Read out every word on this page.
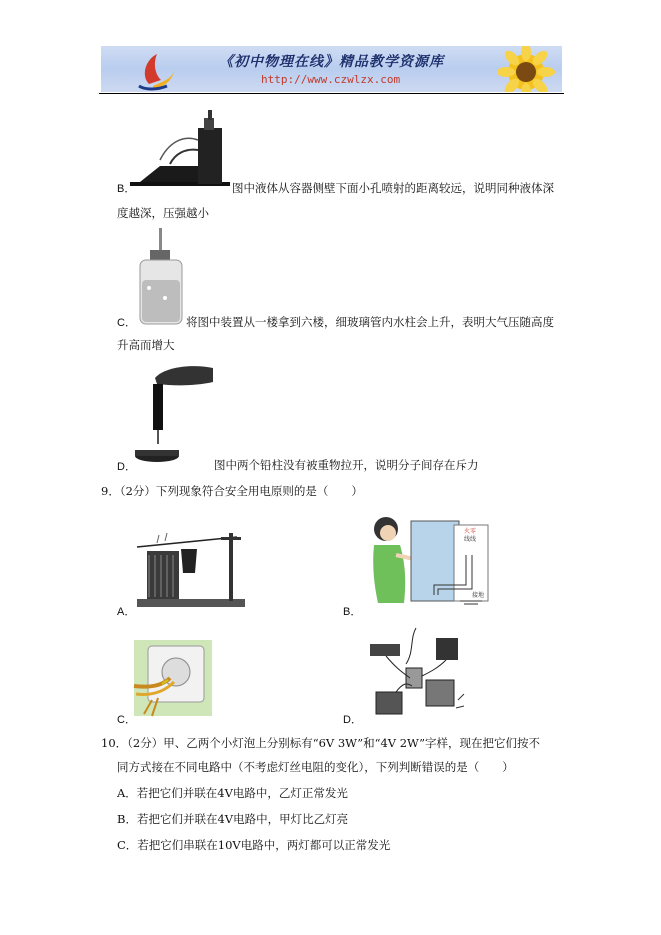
《初中物理在线》精品教学资源库
http://www.czwlzx.com
B．	图中液体从容器侧壁下面小孔喷射的距离较远，说明同种液体深
度越深，压强越小
C．	将图中装置从一楼拿到六楼，细玻璃管内水柱会上升，表明大气压随高度
升高而增大
D．	图中两个铅柱没有被重物拉开，说明分子间存在斥力
9．（2分）下列现象符合安全用电原则的是（　　）
A．
火零
线线
接地
B．
C．	D．
10．（2分）甲、乙两个小灯泡上分别标有“6V 3W”和“4V 2W”字样，现在把它们按不
同方式接在不同电路中（不考虑灯丝电阻的变化），下列判断错误的是（　　）
A．若把它们并联在4V电路中，乙灯正常发光
B．若把它们并联在4V电路中，甲灯比乙灯亮
C．若把它们串联在10V电路中，两灯都可以正常发光
